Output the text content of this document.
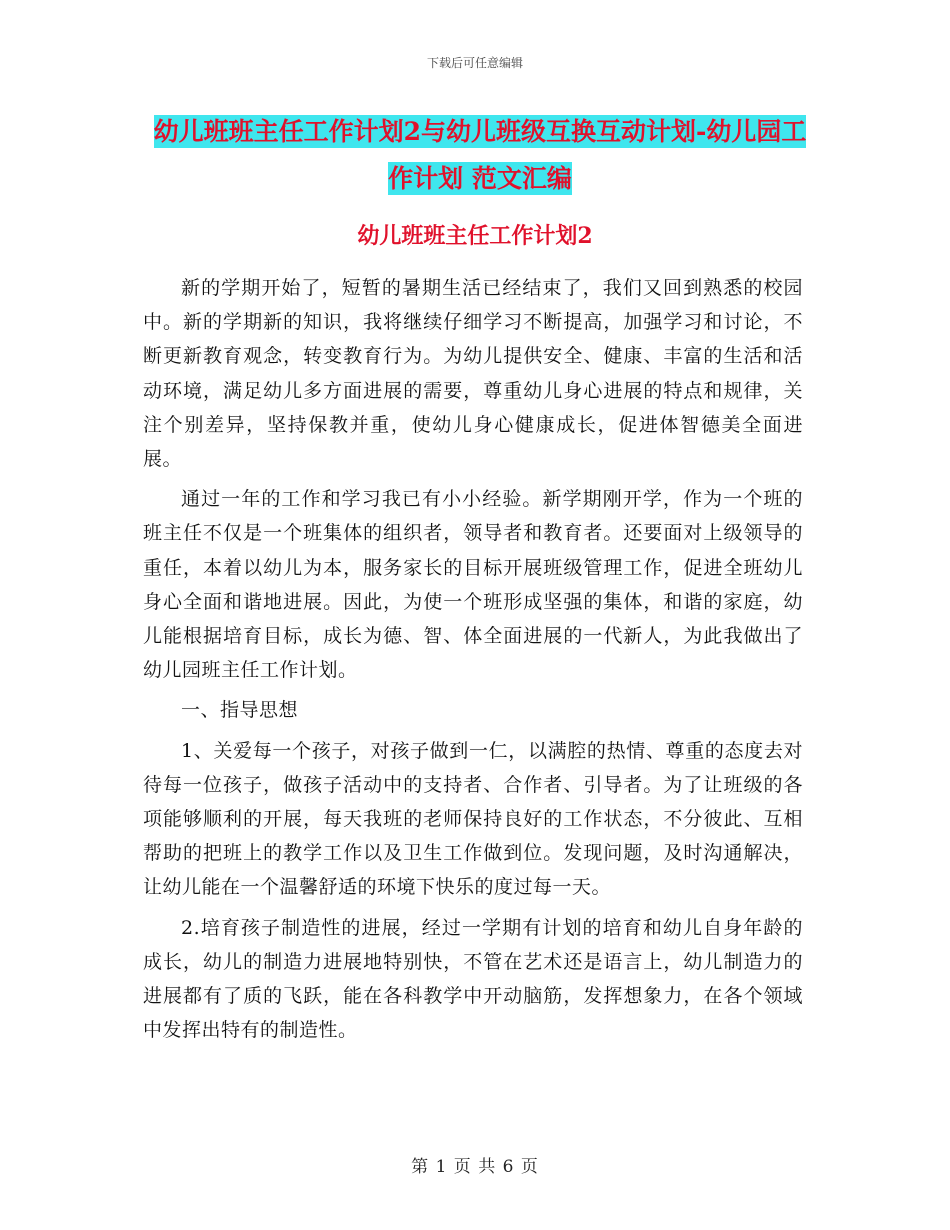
下载后可任意编辑
幼儿班班主任工作计划2与幼儿班级互换互动计划-幼儿园工作计划 范文汇编
幼儿班班主任工作计划2

新的学期开始了，短暂的暑期生活已经结束了，我们又回到熟悉的校园中。新的学期新的知识，我将继续仔细学习不断提高，加强学习和讨论，不断更新教育观念，转变教育行为。为幼儿提供安全、健康、丰富的生活和活动环境，满足幼儿多方面进展的需要，尊重幼儿身心进展的特点和规律，关注个别差异，坚持保教并重，使幼儿身心健康成长，促进体智德美全面进展。

通过一年的工作和学习我已有小小经验。新学期刚开学，作为一个班的班主任不仅是一个班集体的组织者，领导者和教育者。还要面对上级领导的重任，本着以幼儿为本，服务家长的目标开展班级管理工作，促进全班幼儿身心全面和谐地进展。因此，为使一个班形成坚强的集体，和谐的家庭，幼儿能根据培育目标，成长为德、智、体全面进展的一代新人，为此我做出了幼儿园班主任工作计划。

一、指导思想

1、关爱每一个孩子，对孩子做到一仁，以满腔的热情、尊重的态度去对待每一位孩子，做孩子活动中的支持者、合作者、引导者。为了让班级的各项能够顺利的开展，每天我班的老师保持良好的工作状态，不分彼此、互相帮助的把班上的教学工作以及卫生工作做到位。发现问题，及时沟通解决，让幼儿能在一个温馨舒适的环境下快乐的度过每一天。

2.培育孩子制造性的进展，经过一学期有计划的培育和幼儿自身年龄的成长，幼儿的制造力进展地特别快，不管在艺术还是语言上，幼儿制造力的进展都有了质的飞跃，能在各科教学中开动脑筋，发挥想象力，在各个领域中发挥出特有的制造性。

第 1 页 共 6 页
